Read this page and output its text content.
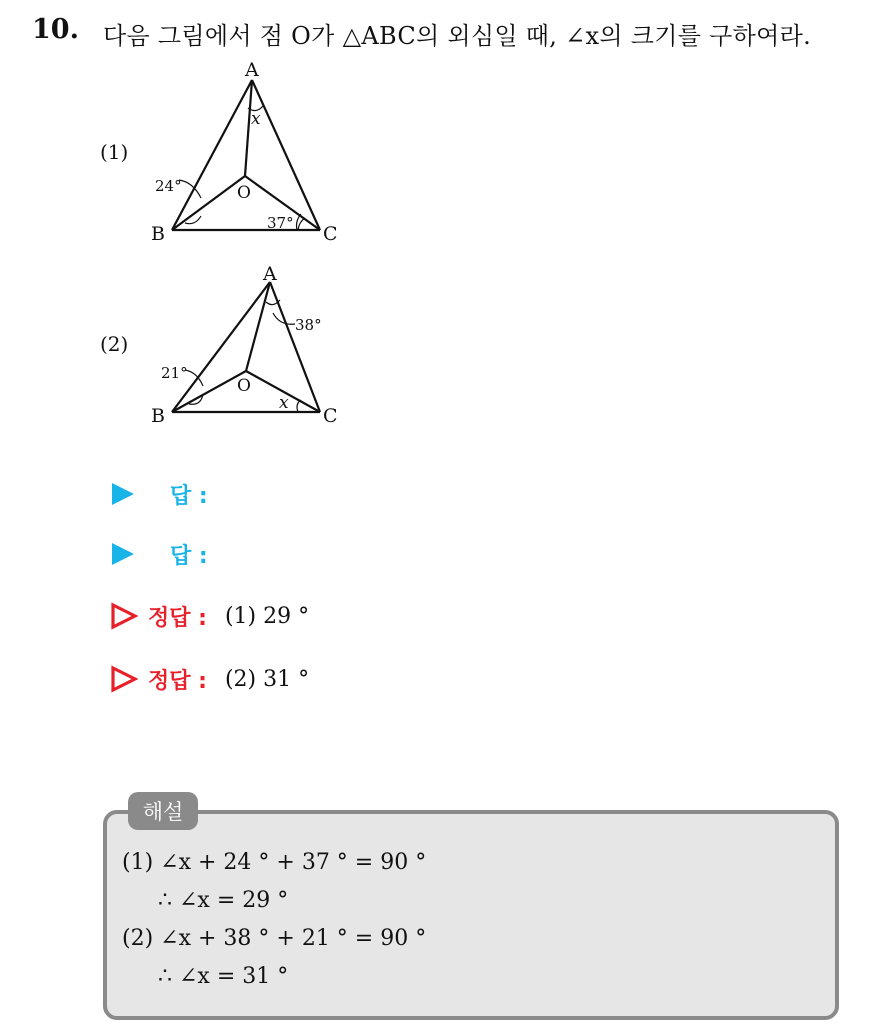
10. 다음 그림에서 점 O가 △ABC의 외심일 때, ∠x의 크기를 구하여라.
(1)
A
B	C
O
x
24°
37°
(2)
A
B	C
O
38°
21°
x
답 :
답 :
정답 : (1) 29 °
정답 : (2) 31 °
해설
(1) ∠x + 24 ° + 37 ° = 90 °
∴ ∠x = 29 °
(2) ∠x + 38 ° + 21 ° = 90 °
∴ ∠x = 31 °
